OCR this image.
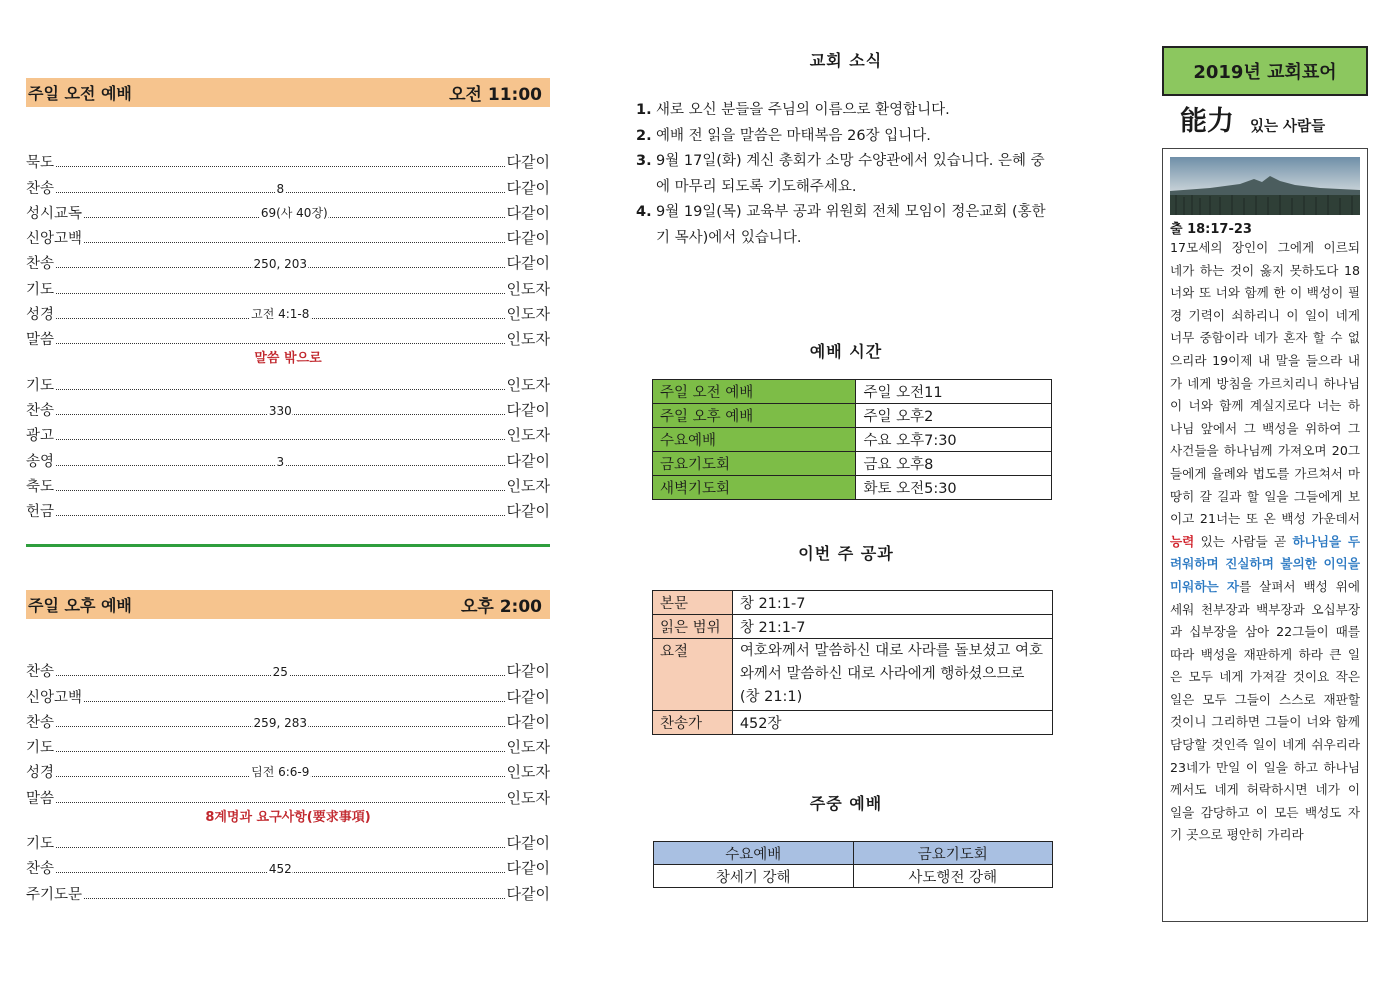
주일 오전 예배	오전 11:00
묵도	다같이
찬송	8	다같이
성시교독	69(사 40장)	다같이
신앙고백	다같이
찬송	250, 203	다같이
기도	인도자
성경	고전 4:1-8	인도자
말씀	인도자
말씀 밖으로
기도	인도자
찬송	330	다같이
광고	인도자
송영	3	다같이
축도	인도자
헌금	다같이
주일 오후 예배	오후 2:00
찬송	25	다같이
신앙고백	다같이
찬송	259, 283	다같이
기도	인도자
성경	딤전 6:6-9	인도자
말씀	인도자
8계명과 요구사항(要求事項)
기도	다같이
찬송	452	다같이
주기도문	다같이
교회 소식
1. 새로 오신 분들을 주님의 이름으로 환영합니다.
2. 예배 전 읽을 말씀은 마태복음 26장 입니다.
3. 9월 17일(화) 계신 총회가 소망 수양관에서 있습니다. 은혜 중에 마무리 되도록 기도해주세요.
4. 9월 19일(목) 교육부 공과 위원회 전체 모임이 정은교회 (홍한기 목사)에서 있습니다.
예배 시간
주일 오전 예배	주일 오전11
주일 오후 예배	주일 오후2
수요예배	수요 오후7:30
금요기도회	금요 오후8
새벽기도회	화토 오전5:30
이번 주 공과
본문	창 21:1-7
읽은 범위	창 21:1-7
요절	여호와께서 말씀하신 대로 사라를 돌보셨고 여호와께서 말씀하신 대로 사라에게 행하셨으므로 (창 21:1)
찬송가	452장
주중 예배
수요예배	금요기도회
창세기 강해	사도행전 강해
2019년 교회표어
能力 있는 사람들
출 18:17-23
17모세의 장인이 그에게 이르되 네가 하는 것이 옳지 못하도다 18너와 또 너와 함께 한 이 백성이 필경 기력이 쇠하리니 이 일이 네게 너무 중함이라 네가 혼자 할 수 없으리라 19이제 내 말을 들으라 내가 네게 방침을 가르치리니 하나님이 너와 함께 계실지로다 너는 하나님 앞에서 그 백성을 위하여 그 사건들을 하나님께 가져오며 20그들에게 율례와 법도를 가르쳐서 마땅히 갈 길과 할 일을 그들에게 보이고 21너는 또 온 백성 가운데서 능력 있는 사람들 곧 하나님을 두려워하며 진실하며 불의한 이익을 미워하는 자를 살펴서 백성 위에 세워 천부장과 백부장과 오십부장과 십부장을 삼아 22그들이 때를 따라 백성을 재판하게 하라 큰 일은 모두 네게 가져갈 것이요 작은 일은 모두 그들이 스스로 재판할 것이니 그리하면 그들이 너와 함께 담당할 것인즉 일이 네게 쉬우리라 23네가 만일 이 일을 하고 하나님께서도 네게 허락하시면 네가 이 일을 감당하고 이 모든 백성도 자기 곳으로 평안히 가리라
